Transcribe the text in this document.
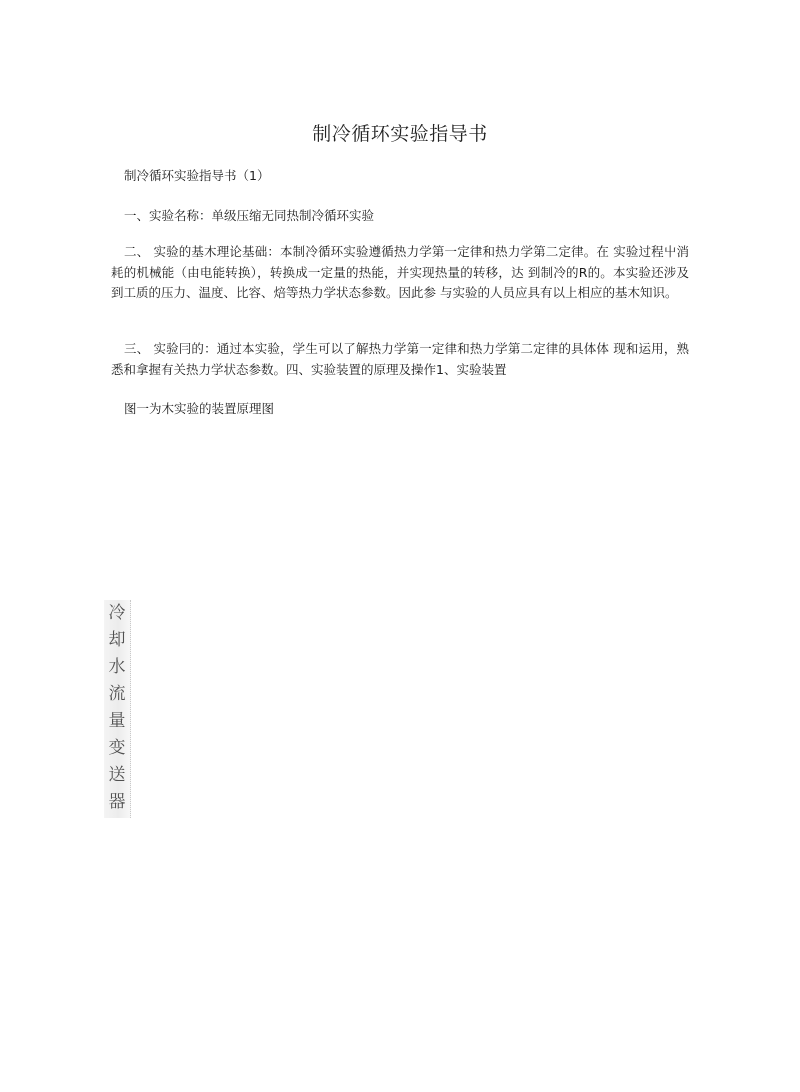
制冷循环实验指导书

制冷循环实验指导书（1）

一、实验名称：单级压缩无同热制冷循环实验

二、 实验的基木理论基础：本制冷循环实验遵循热力学第一定律和热力学第二定律。在 实验过程屮消耗的机械能（由电能转换），转换成一定量的热能，并实现热量的转移，达 到制冷的R的。本实验还涉及到工质的压力、温度、比容、焙等热力学状态参数。因此参 与实验的人员应具有以上相应的基木知识。

三、 实验冃的：通过本实验，学生可以了解热力学第一定律和热力学第二定律的具体体 现和运用，熟悉和拿握有关热力学状态参数。四、实验装置的原理及操作1、实验装置

图一为木实验的装置原理图

冷
却
水
流
量
变
送
器
